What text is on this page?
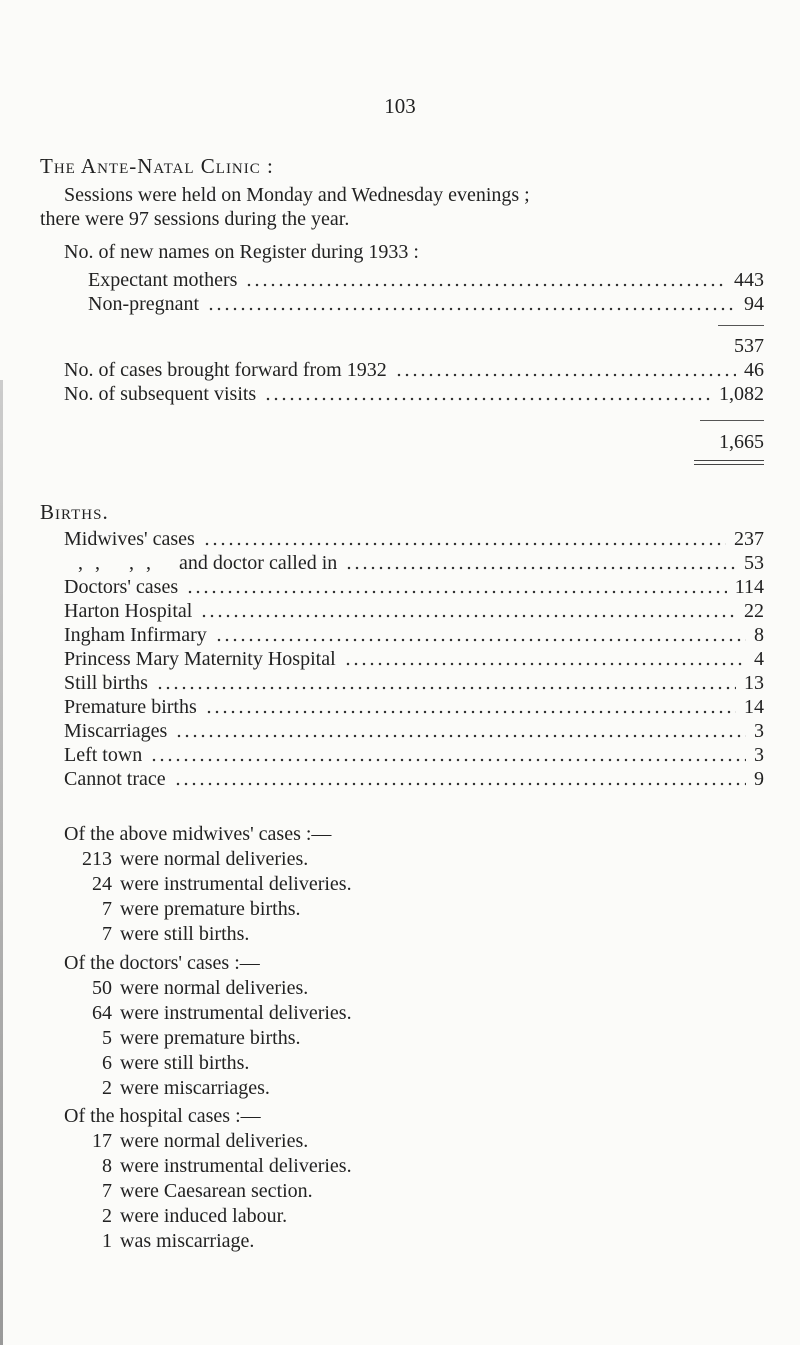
103
The Ante-Natal Clinic :
Sessions were held on Monday and Wednesday evenings ;
there were 97 sessions during the year.
No. of new names on Register during 1933 :
Expectant mothers	443
Non-pregnant	94
537
No. of cases brought forward from 1932	46
No. of subsequent visits	1,082
1,665
Births.
Midwives' cases	237
,, ,, and doctor called in	53
Doctors' cases	114
Harton Hospital	22
Ingham Infirmary	8
Princess Mary Maternity Hospital	4
Still births	13
Premature births	14
Miscarriages	3
Left town	3
Cannot trace	9
Of the above midwives' cases :—
213 were normal deliveries.
24 were instrumental deliveries.
7 were premature births.
7 were still births.
Of the doctors' cases :—
50 were normal deliveries.
64 were instrumental deliveries.
5 were premature births.
6 were still births.
2 were miscarriages.
Of the hospital cases :—
17 were normal deliveries.
8 were instrumental deliveries.
7 were Caesarean section.
2 were induced labour.
1 was miscarriage.
